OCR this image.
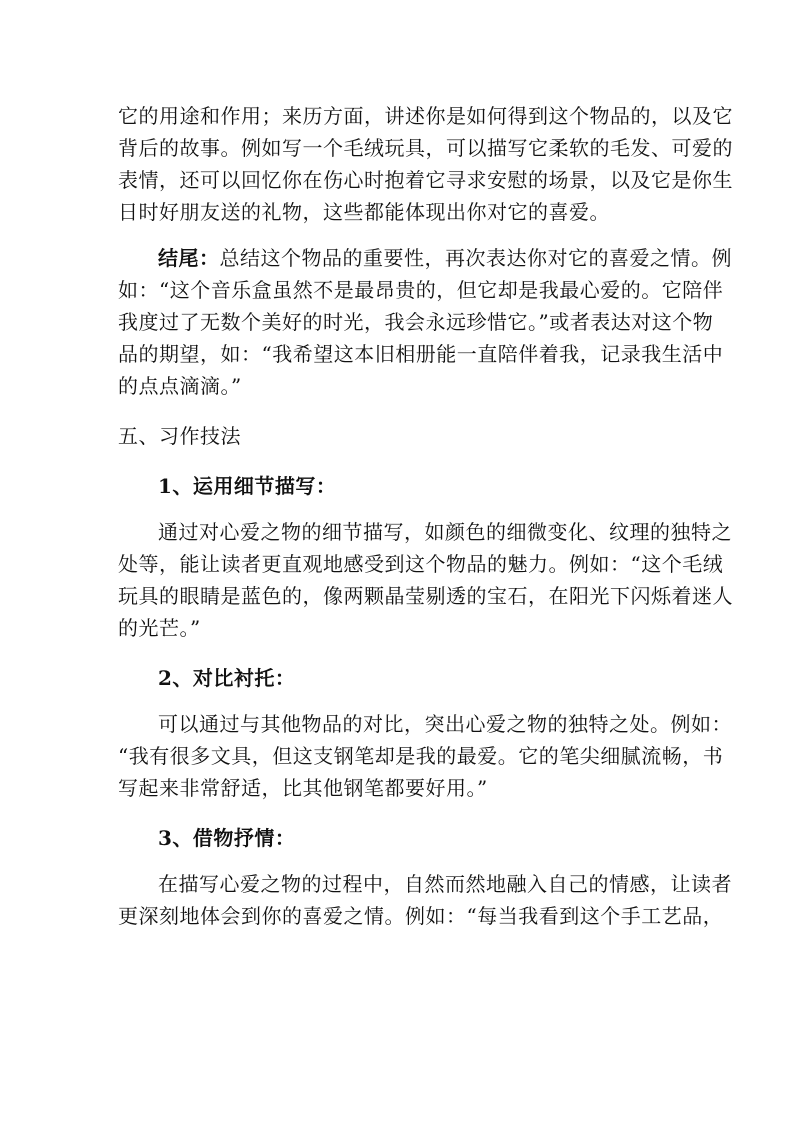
它的用途和作用；来历方面，讲述你是如何得到这个物品的，以及它
背后的故事。例如写一个毛绒玩具，可以描写它柔软的毛发、可爱的
表情，还可以回忆你在伤心时抱着它寻求安慰的场景，以及它是你生
日时好朋友送的礼物，这些都能体现出你对它的喜爱。
结尾：总结这个物品的重要性，再次表达你对它的喜爱之情。例
如：“这个音乐盒虽然不是最昂贵的，但它却是我最心爱的。它陪伴
我度过了无数个美好的时光，我会永远珍惜它。”或者表达对这个物
品的期望，如：“我希望这本旧相册能一直陪伴着我，记录我生活中
的点点滴滴。”
五、习作技法
1、运用细节描写：
通过对心爱之物的细节描写，如颜色的细微变化、纹理的独特之
处等，能让读者更直观地感受到这个物品的魅力。例如：“这个毛绒
玩具的眼睛是蓝色的，像两颗晶莹剔透的宝石，在阳光下闪烁着迷人
的光芒。”
2、对比衬托：
可以通过与其他物品的对比，突出心爱之物的独特之处。例如：
“我有很多文具，但这支钢笔却是我的最爱。它的笔尖细腻流畅，书
写起来非常舒适，比其他钢笔都要好用。”
3、借物抒情：
在描写心爱之物的过程中，自然而然地融入自己的情感，让读者
更深刻地体会到你的喜爱之情。例如：“每当我看到这个手工艺品，
